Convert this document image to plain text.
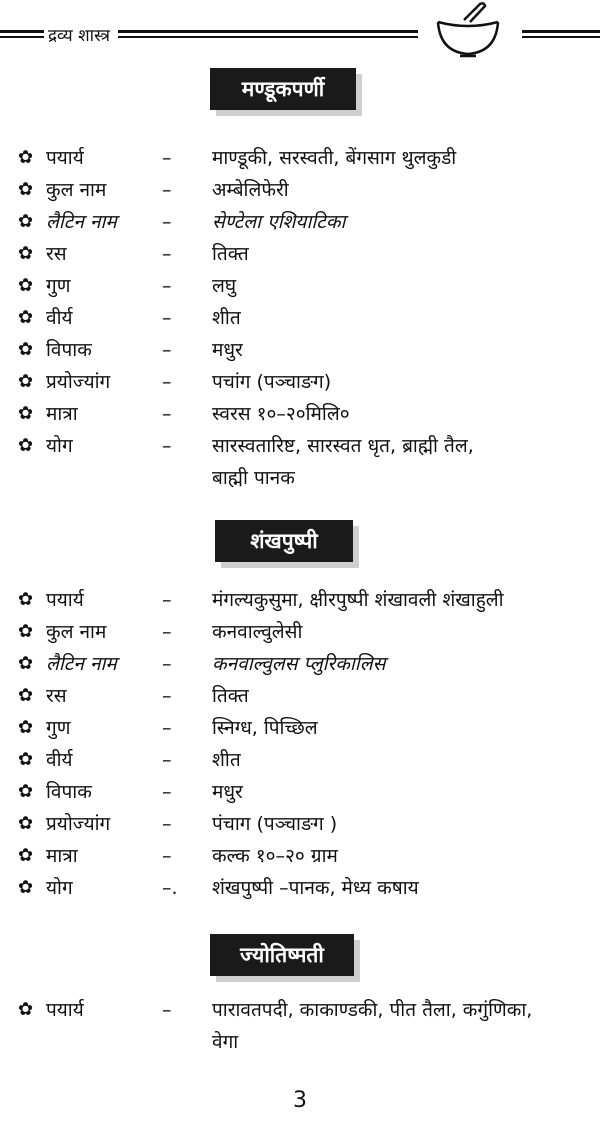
द्रव्य शास्त्र
मण्डूकपर्णी
✿ पयार्य	– माण्डूकी, सरस्वती, बेंगसाग थुलकुडी
✿ कुल नाम	– अम्बेलिफेरी
✿ लैटिन नाम – सेण्टेला एशियाटिका
✿ रस	– तिक्त
✿ गुण	– लघु
✿ वीर्य	– शीत
✿ विपाक	– मधुर
✿ प्रयोज्यांग	– पचांग (पञ्चाङग)
✿ मात्रा	– स्वरस १०–२०मिलि०
✿ योग	– सारस्वतारिष्ट, सारस्वत धृत, ब्राह्मी तैल,
बाह्मी पानक
शंखपुष्पी
✿ पयार्य	– मंगल्यकुसुमा, क्षीरपुष्पी शंखावली शंखाहुली
✿ कुल नाम	– कनवाल्वुलेसी
✿ लैटिन नाम – कनवाल्वुलस प्लुरिकालिस
✿ रस	– तिक्त
✿ गुण	– स्निग्ध, पिच्छिल
✿ वीर्य	– शीत
✿ विपाक	– मधुर
✿ प्रयोज्यांग	– पंचाग (पञ्चाङग )
✿ मात्रा	– कल्क १०–२० ग्राम
✿ योग	–. शंखपुष्पी –पानक, मेध्य कषाय
ज्योतिष्मती
✿ पयार्य	– पारावतपदी, काकाण्डकी, पीत तैला, कगुंणिका,
वेगा
3
